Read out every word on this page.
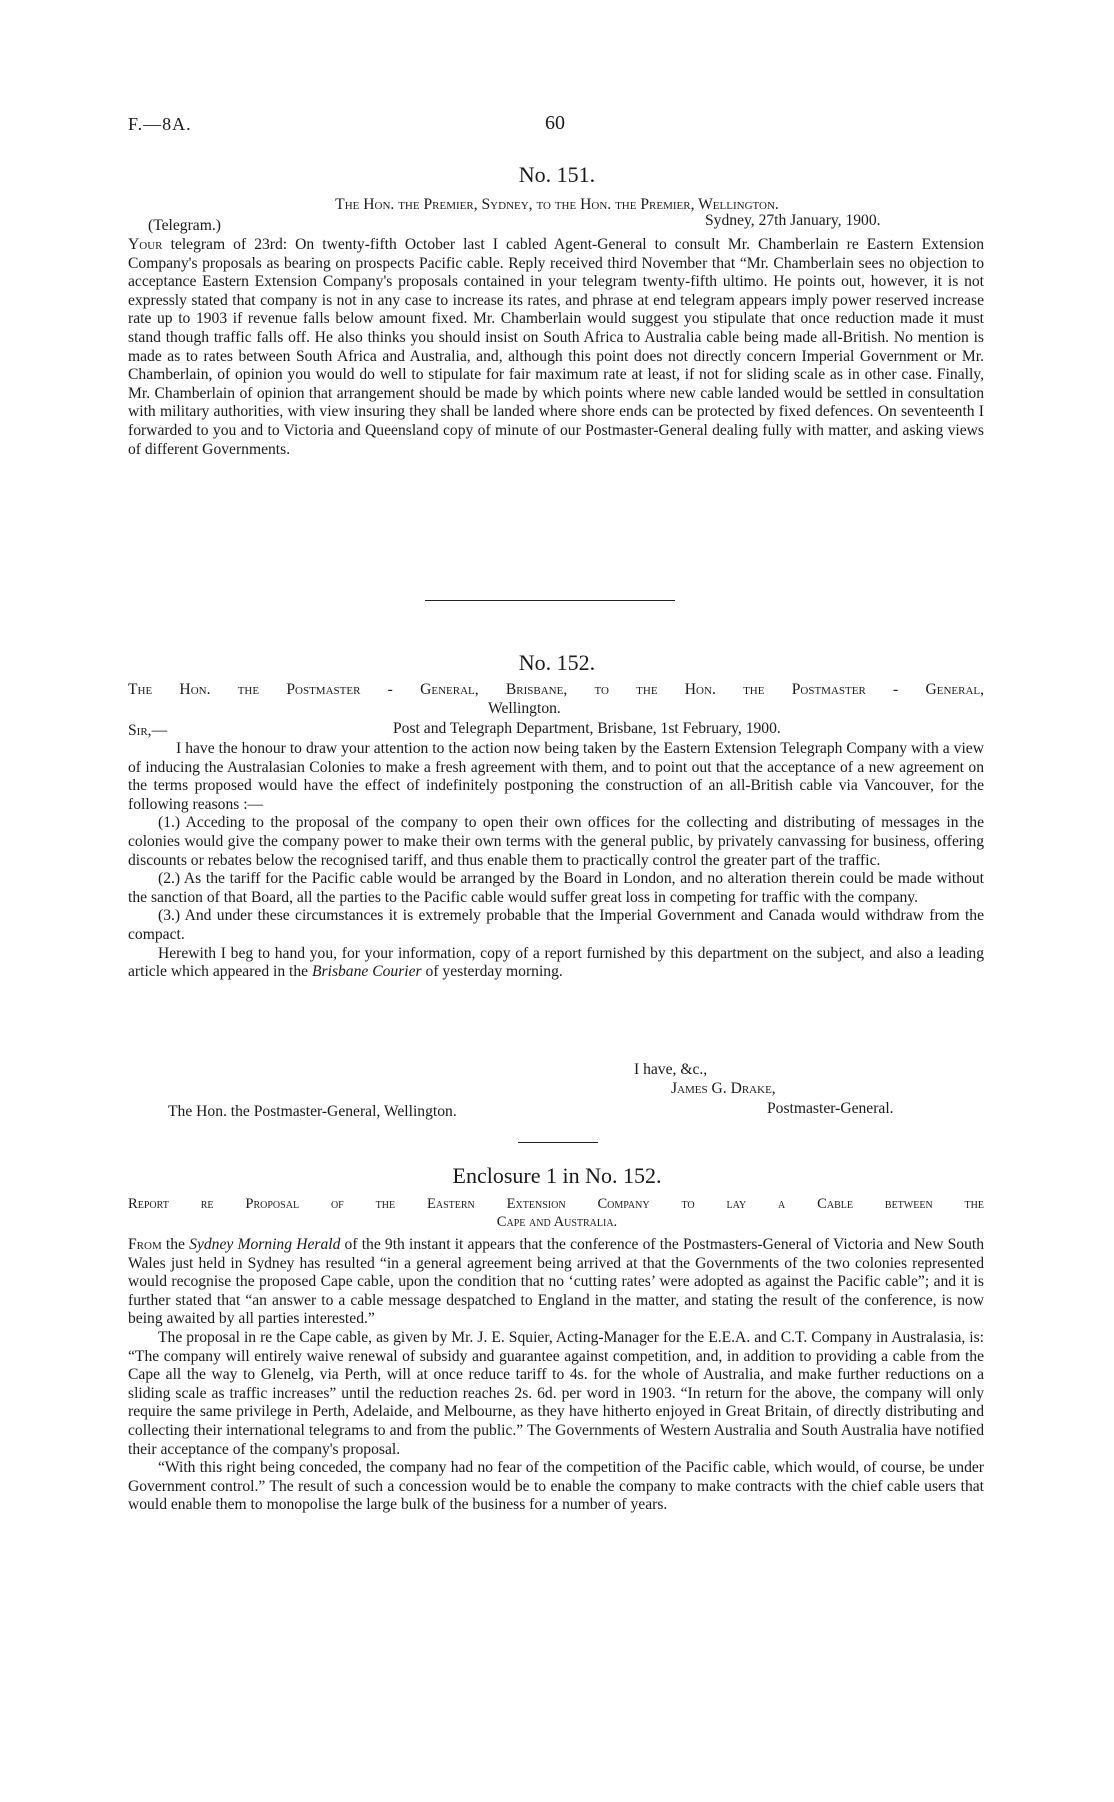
F.—8A.	60
No. 151.
The Hon. the Premier, Sydney, to the Hon. the Premier, Wellington.
(Telegram.)	Sydney, 27th January, 1900.

Your telegram of 23rd: On twenty-fifth October last I cabled Agent-General to consult Mr. Chamberlain re Eastern Extension Company's proposals as bearing on prospects Pacific cable. Reply received third November that “Mr. Chamberlain sees no objection to acceptance Eastern Extension Company's proposals contained in your telegram twenty-fifth ultimo. He points out, however, it is not expressly stated that company is not in any case to increase its rates, and phrase at end telegram appears imply power reserved increase rate up to 1903 if revenue falls below amount fixed. Mr. Chamberlain would suggest you stipulate that once reduction made it must stand though traffic falls off. He also thinks you should insist on South Africa to Australia cable being made all-British. No mention is made as to rates between South Africa and Australia, and, although this point does not directly concern Imperial Government or Mr. Chamberlain, of opinion you would do well to stipulate for fair maximum rate at least, if not for sliding scale as in other case. Finally, Mr. Chamberlain of opinion that arrangement should be made by which points where new cable landed would be settled in consultation with military authorities, with view insuring they shall be landed where shore ends can be protected by fixed defences. On seventeenth I forwarded to you and to Victoria and Queensland copy of minute of our Postmaster-General dealing fully with matter, and asking views of different Governments.

No. 152.
The Hon. the Postmaster - General, Brisbane, to the Hon. the Postmaster - General,
Wellington.
Sir,—	Post and Telegraph Department, Brisbane, 1st February, 1900.

I have the honour to draw your attention to the action now being taken by the Eastern Extension Telegraph Company with a view of inducing the Australasian Colonies to make a fresh agreement with them, and to point out that the acceptance of a new agreement on the terms proposed would have the effect of indefinitely postponing the construction of an all-British cable via Vancouver, for the following reasons :—

(1.) Acceding to the proposal of the company to open their own offices for the collecting and distributing of messages in the colonies would give the company power to make their own terms with the general public, by privately canvassing for business, offering discounts or rebates below the recognised tariff, and thus enable them to practically control the greater part of the traffic.

(2.) As the tariff for the Pacific cable would be arranged by the Board in London, and no alteration therein could be made without the sanction of that Board, all the parties to the Pacific cable would suffer great loss in competing for traffic with the company.

(3.) And under these circumstances it is extremely probable that the Imperial Government and Canada would withdraw from the compact.

Herewith I beg to hand you, for your information, copy of a report furnished by this department on the subject, and also a leading article which appeared in the Brisbane Courier of yesterday morning.

I have, &c.,
James G. Drake,
Postmaster-General.
The Hon. the Postmaster-General, Wellington.
Enclosure 1 in No. 152.
Report re Proposal of the Eastern Extension Company to lay a Cable between the
Cape and Australia.

From the Sydney Morning Herald of the 9th instant it appears that the conference of the Postmasters-General of Victoria and New South Wales just held in Sydney has resulted “in a general agreement being arrived at that the Governments of the two colonies represented would recognise the proposed Cape cable, upon the condition that no ‘cutting rates’ were adopted as against the Pacific cable”; and it is further stated that “an answer to a cable message despatched to England in the matter, and stating the result of the conference, is now being awaited by all parties interested.”

The proposal in re the Cape cable, as given by Mr. J. E. Squier, Acting-Manager for the E.E.A. and C.T. Company in Australasia, is: “The company will entirely waive renewal of subsidy and guarantee against competition, and, in addition to providing a cable from the Cape all the way to Glenelg, via Perth, will at once reduce tariff to 4s. for the whole of Australia, and make further reductions on a sliding scale as traffic increases” until the reduction reaches 2s. 6d. per word in 1903. “In return for the above, the company will only require the same privilege in Perth, Adelaide, and Melbourne, as they have hitherto enjoyed in Great Britain, of directly distributing and collecting their international telegrams to and from the public.” The Governments of Western Australia and South Australia have notified their acceptance of the company's proposal.

“With this right being conceded, the company had no fear of the competition of the Pacific cable, which would, of course, be under Government control.” The result of such a concession would be to enable the company to make contracts with the chief cable users that would enable them to monopolise the large bulk of the business for a number of years.
